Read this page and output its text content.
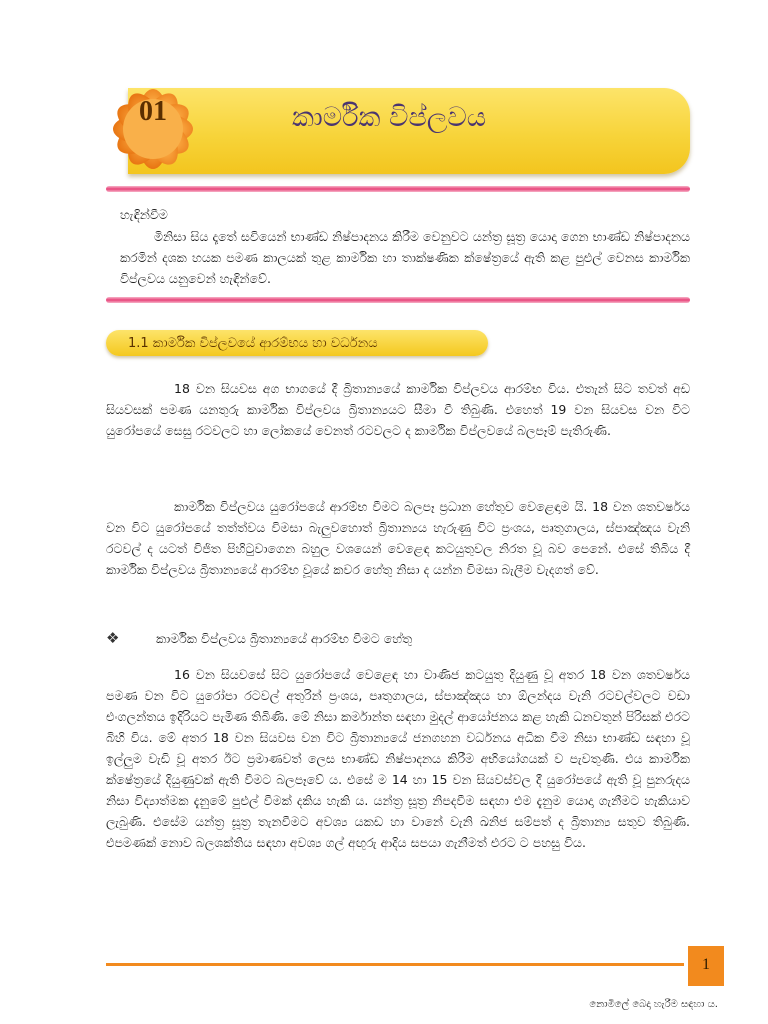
කාර්මික විප්ලවය
01
හැඳින්වීම
මිනිසා සිය දෑතේ සවියෙන් භාණ්ඩ නිෂ්පාදනය කිරීම වෙනුවට යන්ත්‍ර සූත්‍ර යොදා ගෙන භාණ්ඩ නිෂ්පාදනය කරමින් දශක හයක පමණ කාලයක් තුළ කාර්මික හා තාක්ෂණික ක්ෂේත්‍රයේ ඇති කළ පුළුල් වෙනස කාර්මික විප්ලවය යනුවෙන් හැඳින්වේ.
1.1 කාර්මික විප්ලවයේ ආරම්භය හා වර්ධනය
18 වන සියවස අග භාගයේ දී බ්‍රිතාන්‍යයේ කාර්මික විප්ලවය ආරම්භ විය. එතැන් සිට තවත් අඩ සියවසක් පමණ යනතුරු කාර්මික විප්ලවය බ්‍රිතාන්‍යයට සීමා වී තිබුණි. එහෙත් 19 වන සියවස වන විට යුරෝපයේ සෙසු රටවලට හා ලෝකයේ වෙනත් රටවලට ද කාර්මික විප්ලවයේ බලපෑම් පැතිරුණි.
කාර්මික විප්ලවය යුරෝපයේ ආරම්භ වීමට බලපෑ ප්‍රධාන හේතුව වෙළෙඳාම යි. 18 වන ශතවර්ෂය වන විට යුරෝපයේ තත්ත්වය විමසා බැලුවහොත් බ්‍රිතාන්‍යය හැරුණු විට ප්‍රංශය, පෘතුගාලය, ස්පාඤ්ඤය වැනි රටවල් ද යටත් විජිත පිහිටුවාගෙන බහුල වශයෙන් වෙළෙඳ කටයුතුවල නිරත වූ බව පෙනේ. එසේ තිබිය දී කාර්මික විප්ලවය බ්‍රිතාන්‍යයේ ආරම්භ වූයේ කවර හේතු නිසා ද යන්න විමසා බැලීම වැදගත් වේ.
❖	කාර්මික විප්ලවය බ්‍රිතාන්‍යයේ ආරම්භ වීමට හේතු
16 වන සියවසේ සිට යුරෝපයේ වෙළෙඳ හා වාණිජ කටයුතු දියුණු වූ අතර 18 වන ශතවර්ෂය පමණ වන විට යුරෝපා රටවල් අතුරින් ප්‍රංශය, පෘතුගාලය, ස්පාඤ්ඤය හා ඕලන්දය වැනි රටවල්වලට වඩා එංගලන්තය ඉදිරියට පැමිණ තිබිණි. මේ නිසා කර්මාන්ත සඳහා මුදල් ආයෝජනය කළ හැකි ධනවතුන් පිරිසක් එරට බිහි විය. මේ අතර 18 වන සියවස වන විට බ්‍රිතාන්‍යයේ ජනගහන වර්ධනය අධික වීම නිසා භාණ්ඩ සඳහා වූ ඉල්ලුම වැඩි වූ අතර ඊට ප්‍රමාණවත් ලෙස භාණ්ඩ නිෂ්පාදනය කිරීම අභියෝගයක් ව පැවතුණි. එය කාර්මික ක්ෂේත්‍රයේ දියුණුවක් ඇති වීමට බලපෑවේ ය. එසේ ම 14 හා 15 වන සියවස්වල දී යුරෝපයේ ඇති වූ පුනරුදය නිසා විද්‍යාත්මක දැනුමේ පුළුල් වීමක් දකිය හැකි ය. යන්ත්‍ර සූත්‍ර නිපදවීම සඳහා එම දැනුම යොදා ගැනීමට හැකියාව ලැබුණි. එසේම යන්ත්‍ර සූත්‍ර තැනවීමට අවශ්‍ය යකඩ හා වානේ වැනි ඛනිජ සම්පත් ද බ්‍රිතාන්‍ය සතුව තිබුණි. එපමණක් නොව බලශක්තිය සඳහා අවශ්‍ය ගල් අඟුරු ආදිය සපයා ගැනීමත් එරට ට පහසු විය.
1
නොමිලේ බෙදා හැරීම සඳහා ය.
